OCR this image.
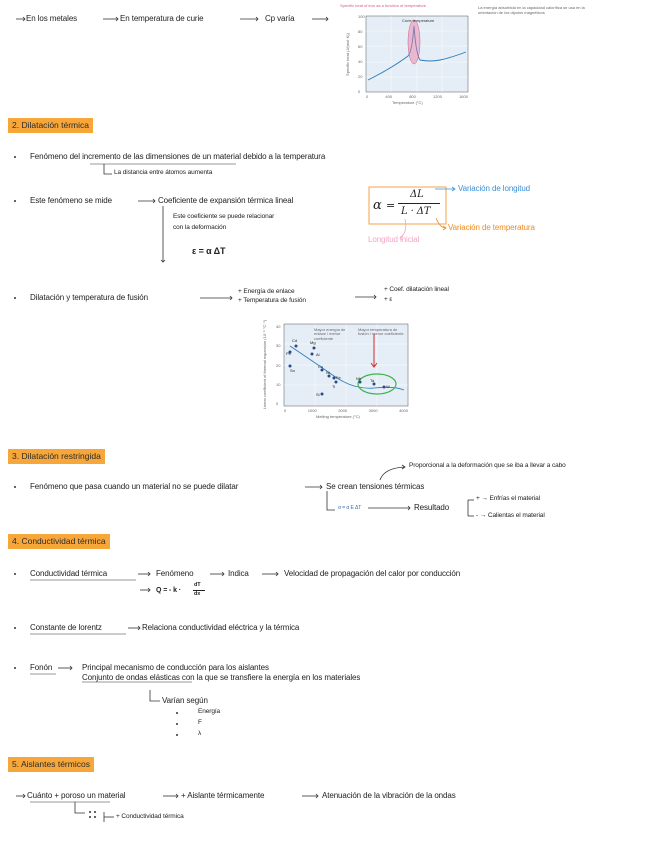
En los metales	En temperatura de curie	Cp varía
Specific heat of iron as a function of temperature
Curie temperature
Specific heat (J/(mol·K))
0	400	800	1200	1600
0
20
40
60
80
100
Temperature (°C)
La energía absorbida en la capacidad calorífica se usa en la orientación de los dipolos magnéticos
2. Dilatación térmica
Fenómeno del incremento de las dimensiones de un material debido a la temperatura
La distancia entre átomos aumenta
Este fenómeno se mide	Coeficiente de expansión térmica lineal
Este coeficiente se puede relacionar
con la deformación
ε = α ΔT
α =
ΔL
L · ΔT
Variación de longitud
Variación de temperatura
Longitud inicial
Dilatación y temperatura de fusión
+ Energía de enlace
+ Temperatura de fusión
+ Coef. dilatación lineal
+ ε
Linear coefficient of thermal expansion (10⁻⁶ °C⁻¹) 0
10
20
30
40
0	1000	2000	3000	4000
Melting temperature (°C)
Mayor energía de enlace / menor coeficiente
Mayor temperatura de fusión / menor coeficiente
Cd
Pb
Mg
Al
Sn
Cu
Ni
Fe
Ti
Nb Ta
W
Si
3. Dilatación restringida
Proporcional a la deformación que se iba a llevar a cabo
Fenómeno que pasa cuando un material no se puede dilatar	Se crean tensiones térmicas
σ = α E ΔT	Resultado
+ → Enfrías el material
- → Calientas el material
4. Conductividad térmica
Conductividad térmica	Fenómeno	Indica	Velocidad de propagación del calor por conducción
Q = - k ·
dT
dx
Constante de lorentz	Relaciona conductividad eléctrica y la térmica
Fonón	Principal mecanismo de conducción para los aislantes
Conjunto de ondas elásticas con la que se transfiere la energía en los materiales
Varían según
Energía
F
λ
5. Aislantes térmicos
Cuánto + poroso un material	+ Aislante térmicamente	Atenuación de la vibración de la ondas
+ Conductividad térmica
